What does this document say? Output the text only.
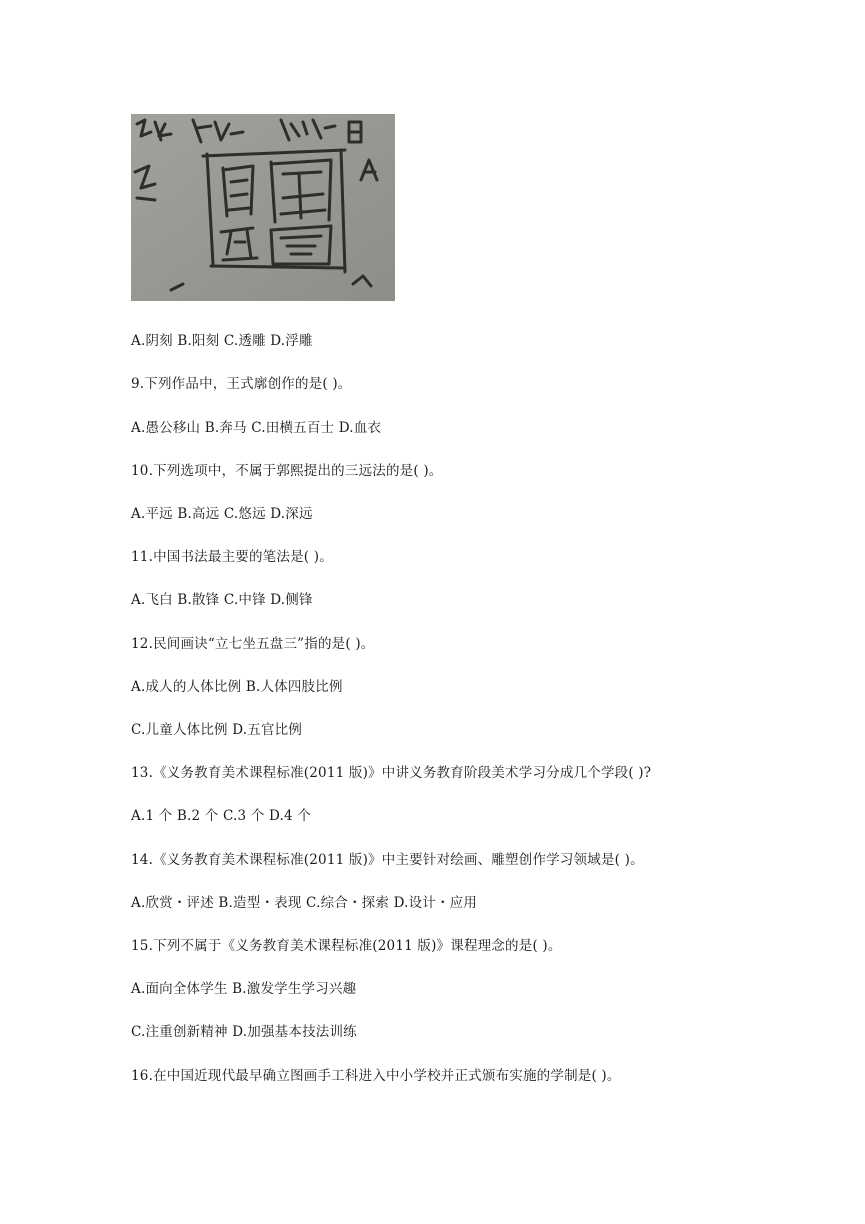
A.阴刻 B.阳刻 C.透雕 D.浮雕
9.下列作品中，王式廓创作的是( )。
A.愚公移山 B.奔马 C.田横五百士 D.血衣
10.下列选项中，不属于郭熙提出的三远法的是( )。
A.平远 B.高远 C.悠远 D.深远
11.中国书法最主要的笔法是( )。
A.飞白 B.散锋 C.中锋 D.侧锋
12.民间画诀“立七坐五盘三”指的是( )。
A.成人的人体比例 B.人体四肢比例
C.儿童人体比例 D.五官比例
13.《义务教育美术课程标准(2011 版)》中讲义务教育阶段美术学习分成几个学段( )?
A.1 个 B.2 个 C.3 个 D.4 个
14.《义务教育美术课程标准(2011 版)》中主要针对绘画、雕塑创作学习领域是( )。
A.欣赏・评述 B.造型・表现 C.综合・探索 D.设计・应用
15.下列不属于《义务教育美术课程标准(2011 版)》课程理念的是( )。
A.面向全体学生 B.激发学生学习兴趣
C.注重创新精神 D.加强基本技法训练
16.在中国近现代最早确立图画手工科进入中小学校并正式颁布实施的学制是( )。
